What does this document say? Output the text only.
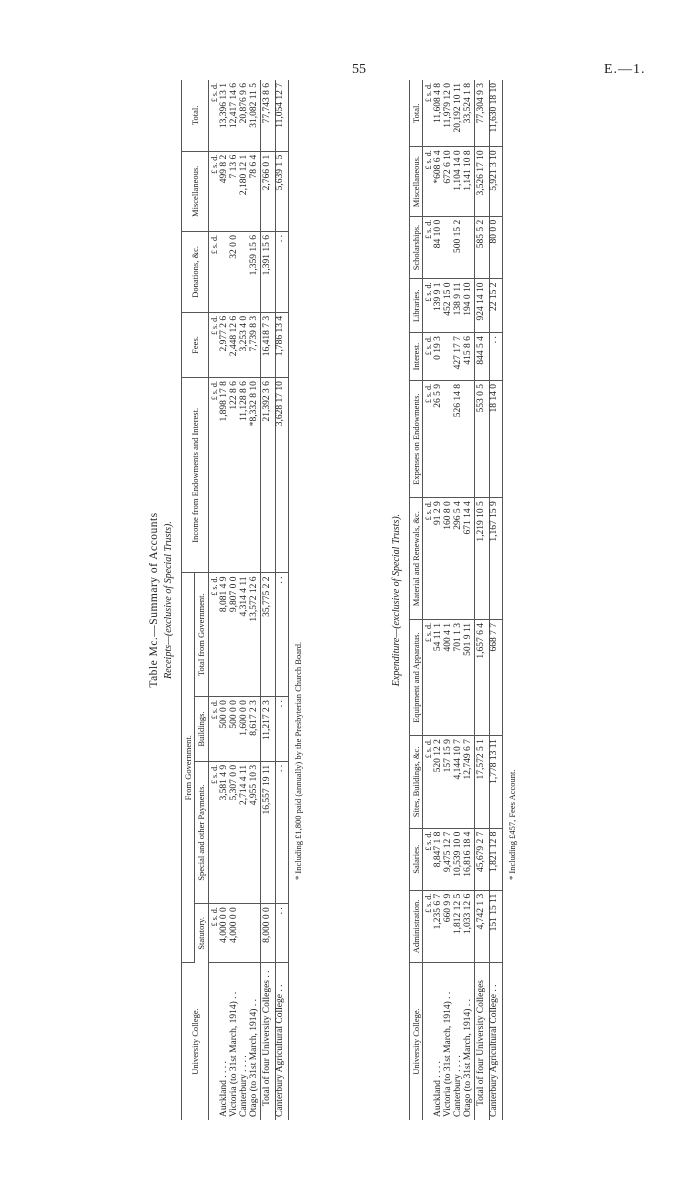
55	E.—1.
Table Mc.—Summary of Accounts Receipts—(exclusive of Special Trusts).
University College.	From Government.				Income from Endowments and Interest.	Fees.	Donations, &c.	Miscellaneous.	Total.
	Statutory.	Special and other Payments.	Buildings.	Total from Government.					
	£ s. d.	£ s. d.	£ s. d.	£ s. d.	£ s. d.	£ s. d.	£ s. d.	£ s. d.	£ s. d.
Auckland . . . .	4,000 0 0	3,581 4 9	500 0 0	8,081 4 9	1,898 17 8	2,977 2 6		499 8 2	13,396 13 1
Victoria (to 31st March, 1914) . .	4,000 0 0	5,307 0 0	500 0 0	9,807 0 0	122 8 6	2,448 12 6	32 0 0	7 13 6	12,417 14 6
Canterbury . . . .		2,714 4 11	1,600 0 0	4,314 4 11	11,128 8 6	3,253 4 0		2,180 12 1	20,876 9 6
Otago (to 31st March, 1914) . .		4,955 10 3	8,617 2 3	13,572 12 6	*8,332 8 10	7,739 8 3	1,359 15 6	78 6 4	31,082 11 5
Total of four University Colleges . .	8,000 0 0	16,557 19 11	11,217 2 3	35,775 2 2	21,392 3 6	16,418 7 3	1,391 15 6	2,766 0 1	77,743 8 6
Canterbury Agricultural College . .	. .	. .	. .	. .	3,628 17 10	1,786 13 4	. .	5,639 1 5	11,054 12 7
* Including £1,800 paid (annually) by the Presbyterian Church Board.
Expenditure—(exclusive of Special Trusts).
University College.	Administration.	Salaries.	Sites, Buildings, &c.	Equipment and Apparatus.	Material and Renewals, &c.	Expenses on Endowments.	Interest.	Libraries.	Scholarships.	Miscellaneous.	Total.
	£ s. d.	£ s. d.	£ s. d.	£ s. d.	£ s. d.	£ s. d.	£ s. d.	£ s. d.	£ s. d.	£ s. d.	£ s. d.
Auckland . . . .	1,235 6 7	8,847 1 8	520 12 2	54 11 1	91 2 9	26 5 9	0 19 3	139 9 1	84 10 0	*608 6 4	11,608 4 8
Victoria (to 31st March, 1914) . .	660 9 9	9,475 12 7	157 15 9	400 4 1	160 8 0			452 15 0		672 6 10	11,979 12 0
Canterbury . . . .	1,812 12 5	10,539 10 0	4,144 10 7	701 1 3	296 5 4	526 14 8	427 17 7	138 9 11	500 15 2	1,104 14 0	20,192 10 11
Otago (to 31st March, 1914) . .	1,033 12 6	16,816 18 4	12,749 6 7	501 9 11	671 14 4		415 8 6	194 0 10		1,141 10 8	33,524 1 8
Total of four University Colleges	4,742 1 3	45,679 2 7	17,572 5 1	1,657 6 4	1,219 10 5	553 0 5	844 5 4	924 14 10	585 5 2	3,526 17 10	77,304 9 3
Canterbury Agricultural College . .	151 15 11	1,821 12 8	1,778 13 11	668 7 7	1,167 15 9	18 14 0	. .	22 15 2	80 0 0	5,921 3 10	11,630 18 10
* Including £457, Fees Account.
